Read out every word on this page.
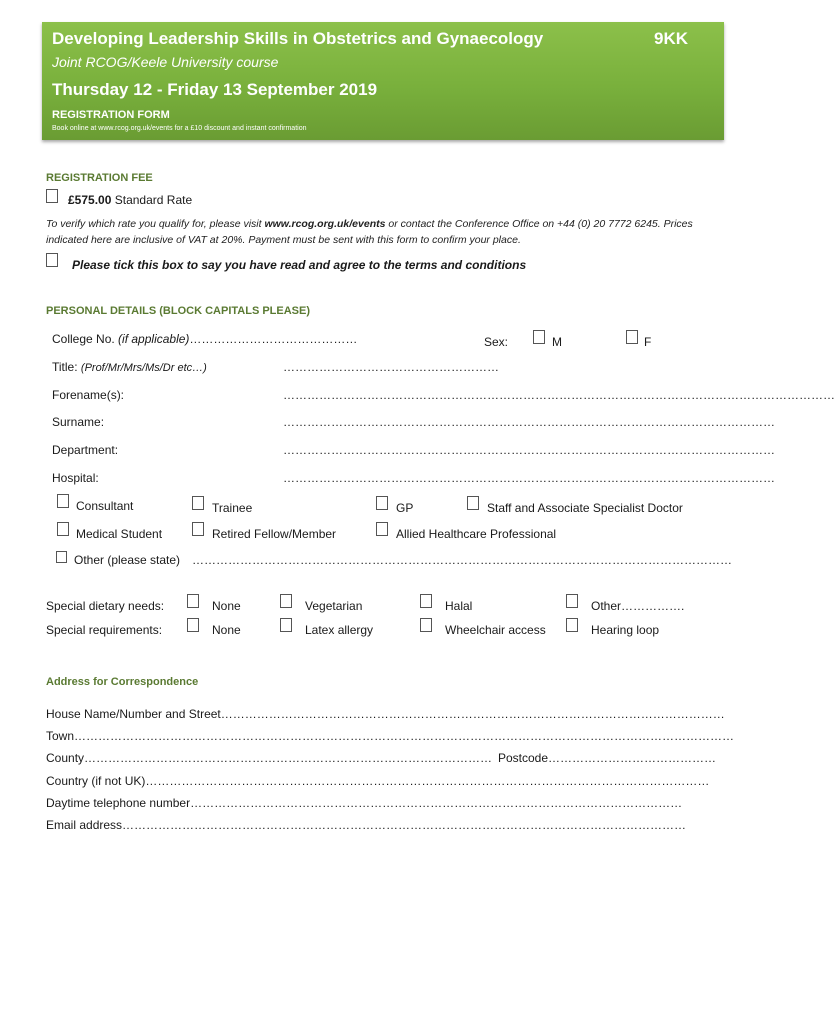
Developing Leadership Skills in Obstetrics and Gynaecology	9KK
Joint RCOG/Keele University course
Thursday 12 - Friday 13 September 2019
REGISTRATION FORM
Book online at www.rcog.org.uk/events for a £10 discount and instant confirmation
REGISTRATION FEE
£575.00 Standard Rate
To verify which rate you qualify for, please visit www.rcog.org.uk/events or contact the Conference Office on +44 (0) 20 7772 6245. Prices indicated here are inclusive of VAT at 20%. Payment must be sent with this form to confirm your place.
Please tick this box to say you have read and agree to the terms and conditions
PERSONAL DETAILS (BLOCK CAPITALS PLEASE)
College No. (if applicable)……………………………………	Sex:	M	F
Title: (Prof/Mr/Mrs/Ms/Dr etc…)	………………………………………………
Forename(s):	…………………………………………………………………………………………………………………………
Surname:	……………………………………………………………………………………………………………
Department:	……………………………………………………………………………………………………………
Hospital:	……………………………………………………………………………………………………………
Consultant	Trainee	GP	Staff and Associate Specialist Doctor
Medical Student	Retired Fellow/Member	Allied Healthcare Professional
Other (please state) ………………………………………………………………………………………………………………………
Special dietary needs:	None	Vegetarian	Halal	Other…………….
Special requirements:	None	Latex allergy	Wheelchair access	Hearing loop
Address for Correspondence
House Name/Number and Street………………………………………………………………………………………………………………
Town…………………………………………………………………………………………………………………………………………………
County………………………………………………………………………………………… Postcode……………………………………
Country (if not UK)……………………………………………………………………………………………………………………………
Daytime telephone number……………………………………………………………………………………………………………
Email address……………………………………………………………………………………………………………………………
